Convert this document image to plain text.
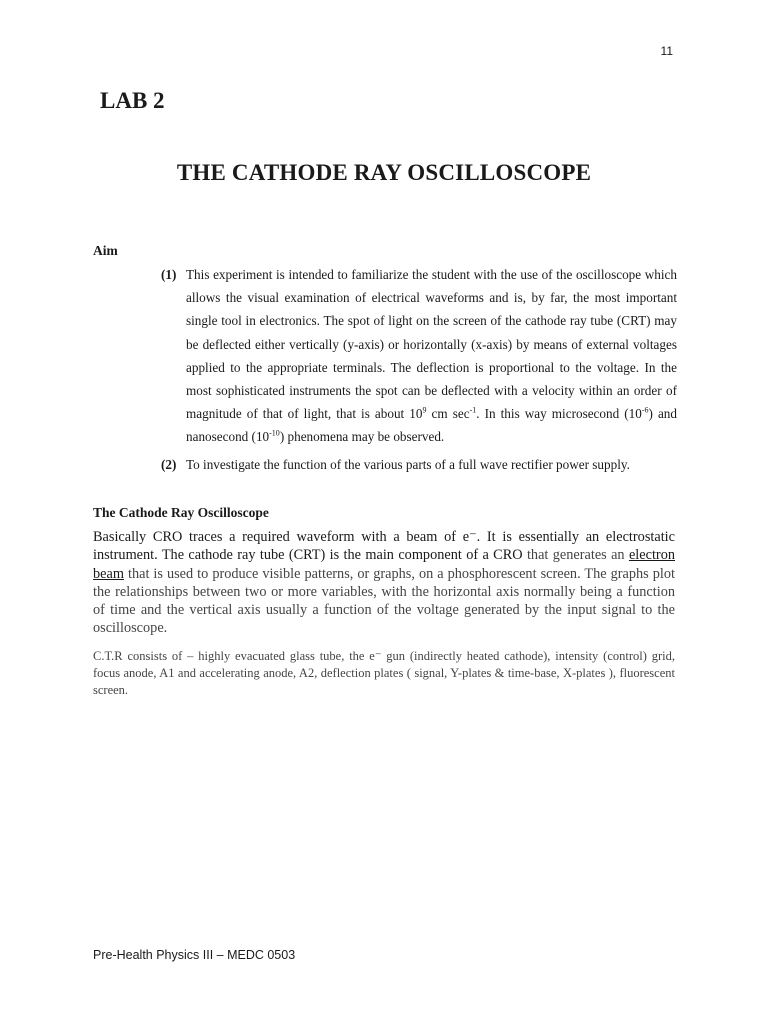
11
LAB 2
THE CATHODE RAY OSCILLOSCOPE
Aim
(1) This experiment is intended to familiarize the student with the use of the oscilloscope which allows the visual examination of electrical waveforms and is, by far, the most important single tool in electronics. The spot of light on the screen of the cathode ray tube (CRT) may be deflected either vertically (y-axis) or horizontally (x-axis) by means of external voltages applied to the appropriate terminals. The deflection is proportional to the voltage. In the most sophisticated instruments the spot can be deflected with a velocity within an order of magnitude of that of light, that is about $10^9$ cm $\sec^{-1}$. In this way microsecond $(10^{-6})$ and nanosecond $(10^{-10})$ phenomena may be observed.
(2) To investigate the function of the various parts of a full wave rectifier power supply.
The Cathode Ray Oscilloscope
Basically CRO traces a required waveform with a beam of e⁻. It is essentially an electrostatic instrument. The cathode ray tube (CRT) is the main component of a CRO that generates an electron beam that is used to produce visible patterns, or graphs, on a phosphorescent screen. The graphs plot the relationships between two or more variables, with the horizontal axis normally being a function of time and the vertical axis usually a function of the voltage generated by the input signal to the oscilloscope.
C.T.R consists of – highly evacuated glass tube, the e⁻ gun (indirectly heated cathode), intensity (control) grid, focus anode, A1 and accelerating anode, A2, deflection plates ( signal, Y-plates & time-base, X-plates ), fluorescent screen.
Pre-Health Physics III – MEDC 0503
